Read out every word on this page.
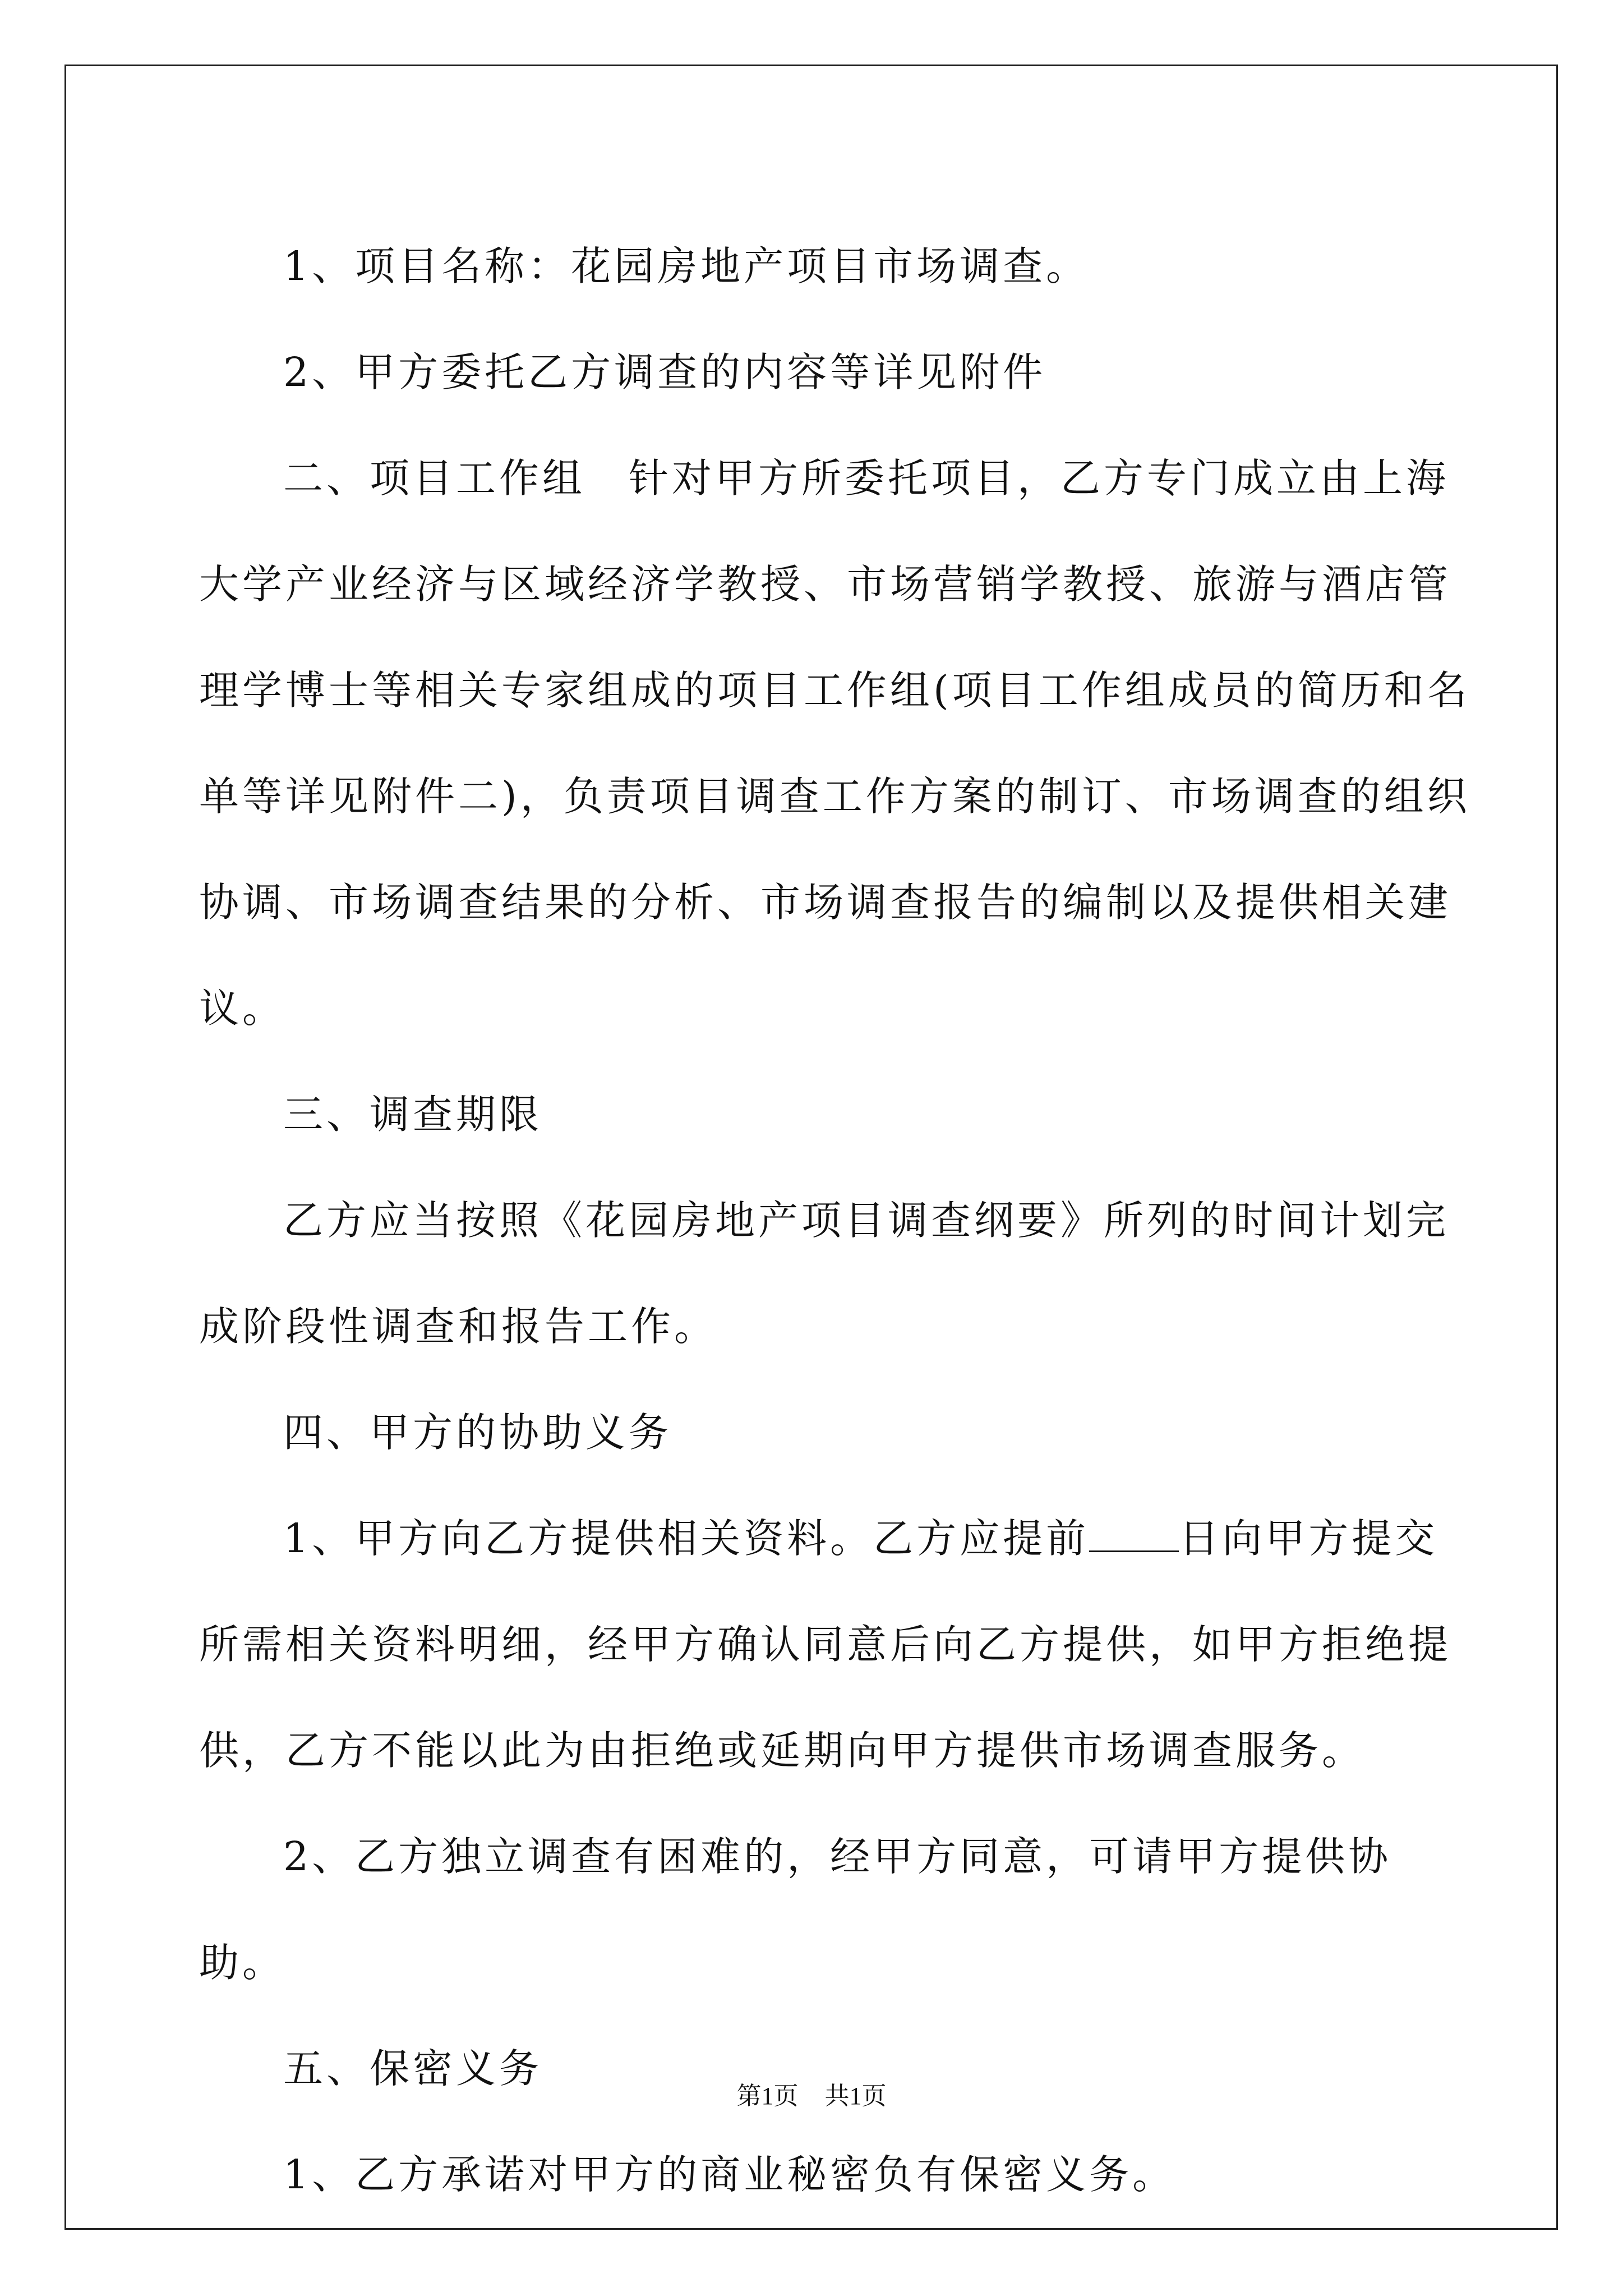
1、项目名称：花园房地产项目市场调查。

2、甲方委托乙方调查的内容等详见附件

二、项目工作组　针对甲方所委托项目，乙方专门成立由上海大学产业经济与区域经济学教授、市场营销学教授、旅游与酒店管理学博士等相关专家组成的项目工作组(项目工作组成员的简历和名单等详见附件二)，负责项目调查工作方案的制订、市场调查的组织协调、市场调查结果的分析、市场调查报告的编制以及提供相关建议。

三、调查期限

乙方应当按照《花园房地产项目调查纲要》所列的时间计划完成阶段性调查和报告工作。

四、甲方的协助义务

1、甲方向乙方提供相关资料。乙方应提前 日向甲方提交所需相关资料明细，经甲方确认同意后向乙方提供，如甲方拒绝提供，乙方不能以此为由拒绝或延期向甲方提供市场调查服务。

2、乙方独立调查有困难的，经甲方同意，可请甲方提供协助。

五、保密义务

1、乙方承诺对甲方的商业秘密负有保密义务。

第1页 共1页
